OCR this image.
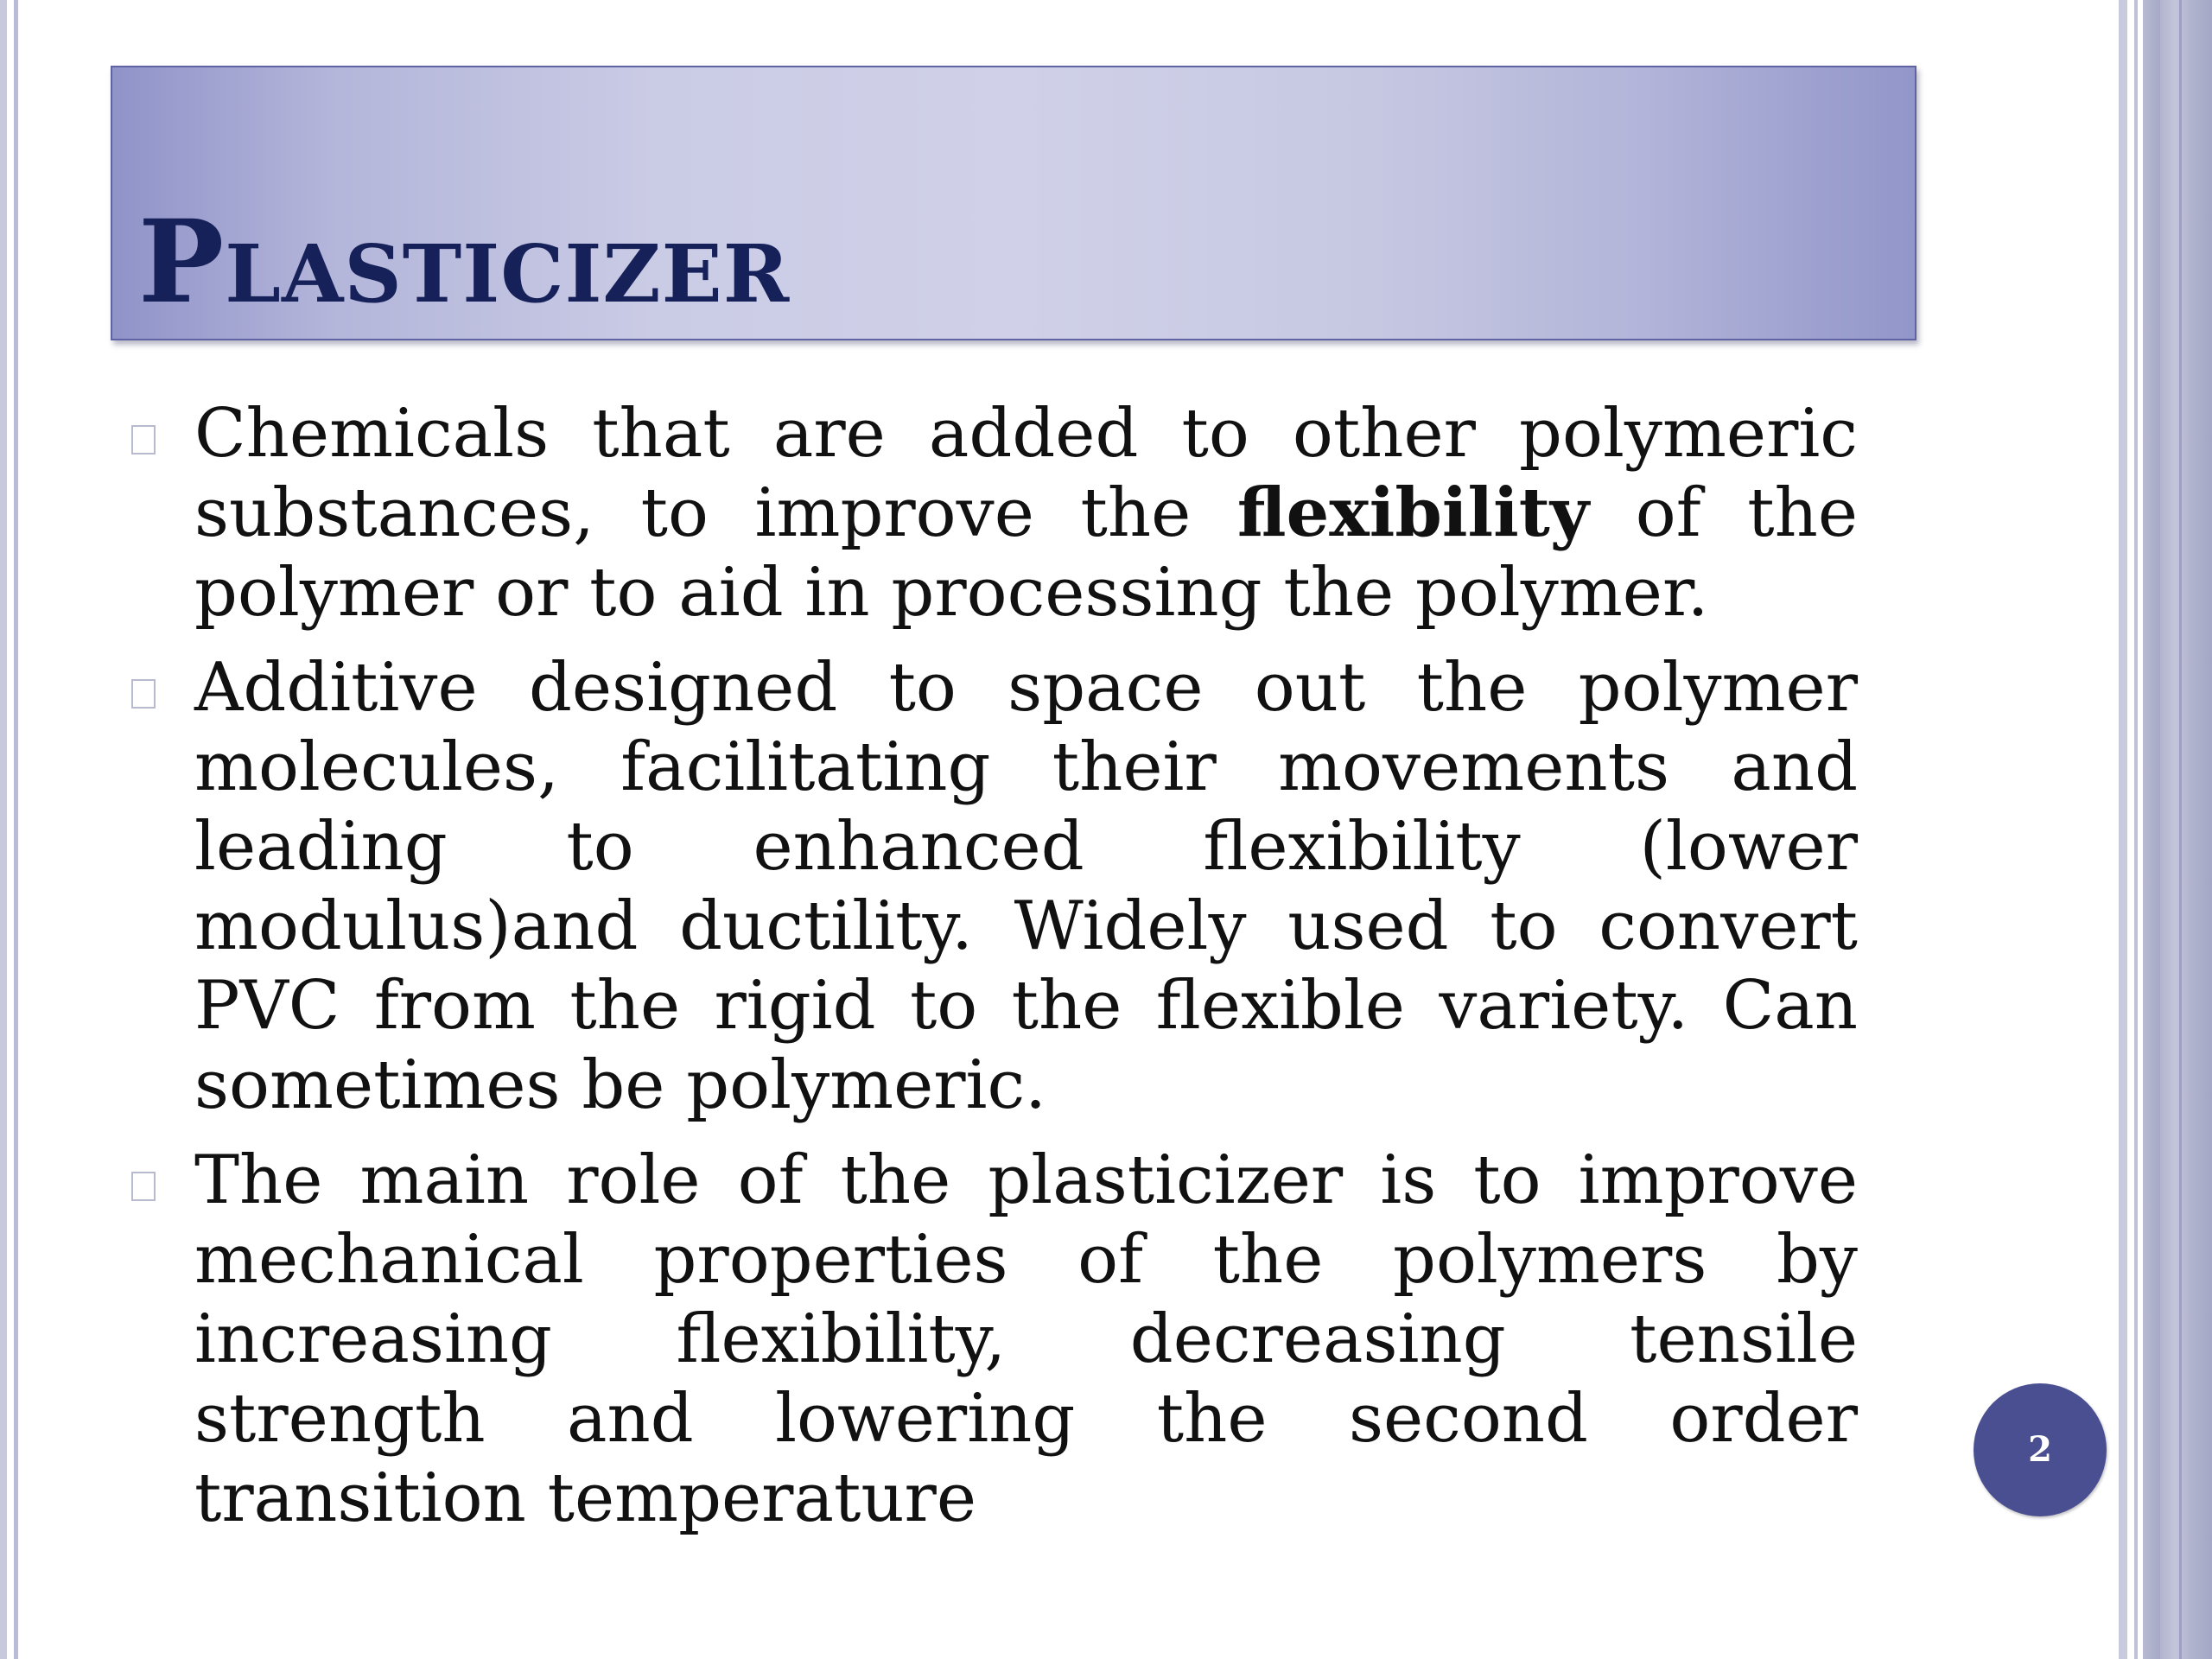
Plasticizer
Chemicals that are added to other polymeric substances, to improve the flexibility of the polymer or to aid in processing the polymer.
Additive designed to space out the polymer molecules, facilitating their movements and leading to enhanced flexibility (lower modulus)and ductility. Widely used to convert PVC from the rigid to the flexible variety. Can sometimes be polymeric.
The main role of the plasticizer is to improve mechanical properties of the polymers by increasing flexibility, decreasing tensile strength and lowering the second order transition temperature
2
